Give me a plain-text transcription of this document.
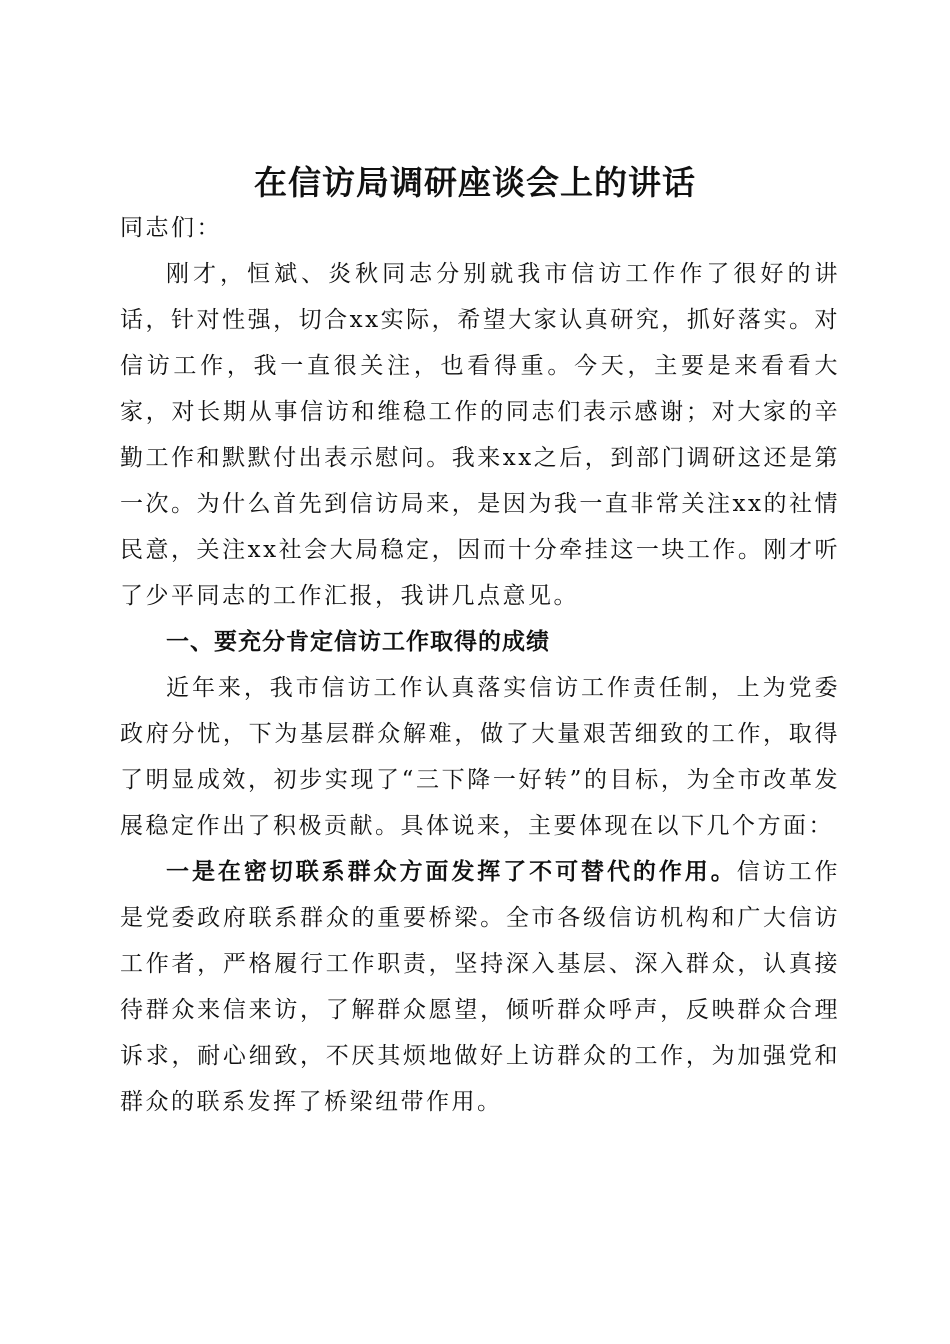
在信访局调研座谈会上的讲话

同志们：

刚才，恒斌、炎秋同志分别就我市信访工作作了很好的讲话，针对性强，切合xx实际，希望大家认真研究，抓好落实。对信访工作，我一直很关注，也看得重。今天，主要是来看看大家，对长期从事信访和维稳工作的同志们表示感谢；对大家的辛勤工作和默默付出表示慰问。我来xx之后，到部门调研这还是第一次。为什么首先到信访局来，是因为我一直非常关注xx的社情民意，关注xx社会大局稳定，因而十分牵挂这一块工作。刚才听了少平同志的工作汇报，我讲几点意见。

一、要充分肯定信访工作取得的成绩

近年来，我市信访工作认真落实信访工作责任制，上为党委政府分忧，下为基层群众解难，做了大量艰苦细致的工作，取得了明显成效，初步实现了“三下降一好转”的目标，为全市改革发展稳定作出了积极贡献。具体说来，主要体现在以下几个方面：

一是在密切联系群众方面发挥了不可替代的作用。信访工作是党委政府联系群众的重要桥梁。全市各级信访机构和广大信访工作者，严格履行工作职责，坚持深入基层、深入群众，认真接待群众来信来访，了解群众愿望，倾听群众呼声，反映群众合理诉求，耐心细致，不厌其烦地做好上访群众的工作，为加强党和群众的联系发挥了桥梁纽带作用。
